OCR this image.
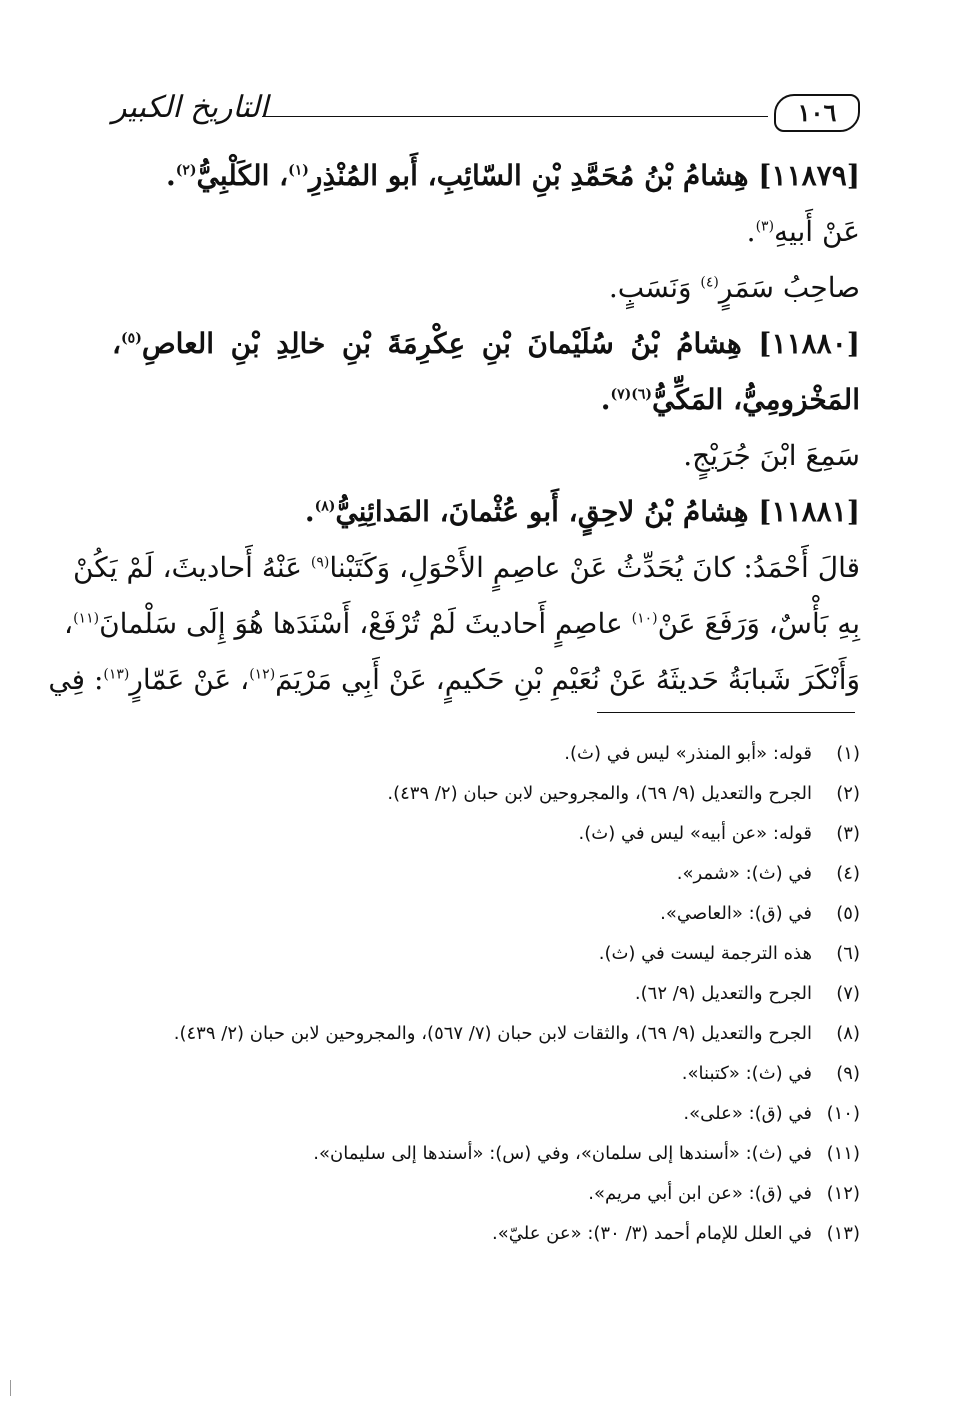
التاريخ الكبير	١٠٦
[١١٨٧٩] هِشامُ بْنُ مُحَمَّدِ بْنِ السّائِبِ، أَبو المُنْذِرِ$^{(١)}$، الكَلْبِيُّ$^{(٢)}$.
عَنْ أَبيهِ$^{(٣)}$.
صاحِبُ سَمَرٍ$^{(٤)}$ وَنَسَبٍ.
[١١٨٨٠] هِشامُ بْنُ سُلَيْمانَ بْنِ عِكْرِمَةَ بْنِ خالِدِ بْنِ العاصِ$^{(٥)}$،
المَخْزومِيُّ، المَكِّيُّ$^{(٦)(٧)}$.
سَمِعَ ابْنَ جُرَيْجٍ.
[١١٨٨١] هِشامُ بْنُ لاحِقٍ، أَبو عُثْمانَ، المَدائِنِيُّ$^{(٨)}$.
قالَ أَحْمَدُ: كانَ يُحَدِّثُ عَنْ عاصِمٍ الأَحْوَلِ، وَكَتَبْنا$^{(٩)}$ عَنْهُ أَحاديثَ، لَمْ يَكُنْ
بِهِ بَأْسٌ، وَرَفَعَ عَنْ$^{(١٠)}$ عاصِمٍ أَحاديثَ لَمْ تُرْفَعْ، أَسْنَدَها هُوَ إِلَى سَلْمانَ$^{(١١)}$،
وَأَنْكَرَ شَبابَةُ حَديثَهُ عَنْ نُعَيْمِ بْنِ حَكيمٍ، عَنْ أَبِي مَرْيَمَ$^{(١٢)}$، عَنْ عَمّارٍ$^{(١٣)}$: فِي
(١)
قوله: «أبو المنذر» ليس في (ث).
(٢)
الجرح والتعديل (٩/ ٦٩)، والمجروحين لابن حبان (٢/ ٤٣٩).
(٣)
قوله: «عن أبيه» ليس في (ث).
(٤)
في (ث): «شمر».
(٥)
في (ق): «العاصي».
(٦)
هذه الترجمة ليست في (ث).
(٧)
الجرح والتعديل (٩/ ٦٢).
(٨)
الجرح والتعديل (٩/ ٦٩)، والثقات لابن حبان (٧/ ٥٦٧)، والمجروحين لابن حبان (٢/ ٤٣٩).
(٩)
في (ث): «كتبنا».
(١٠)
في (ق): «على».
(١١)
في (ث): «أسندها إلى سلمان»، وفي (س): «أسندها إلى سليمان».
(١٢)
في (ق): «عن ابن أبي مريم».
(١٣)
في العلل للإمام أحمد (٣/ ٣٠): «عن عليّ».
